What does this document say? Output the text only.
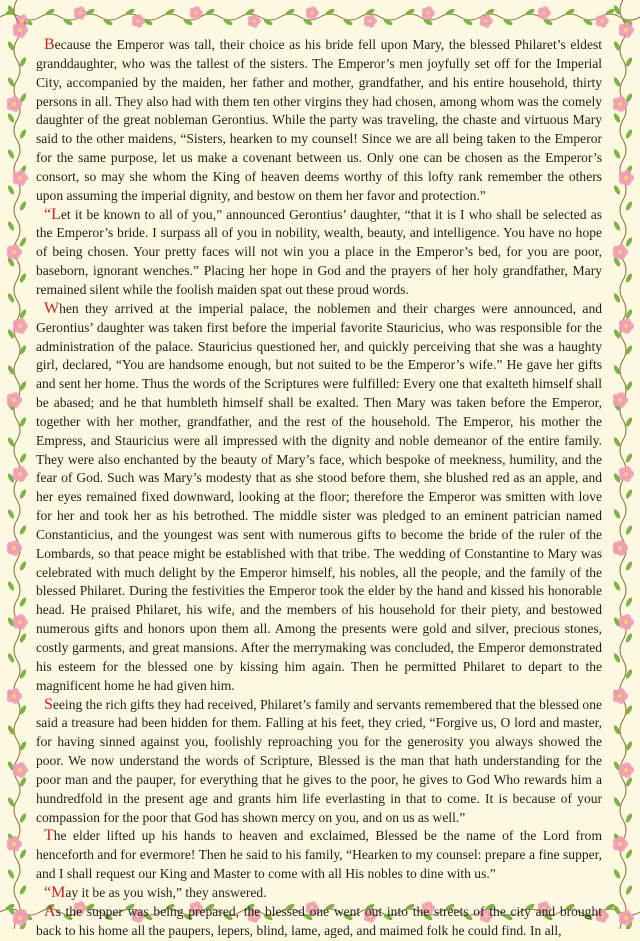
Because the Emperor was tall, their choice as his bride fell upon Mary, the blessed Philaret’s eldest granddaughter, who was the tallest of the sisters. The Emperor’s men joyfully set off for the Imperial City, accompanied by the maiden, her father and mother, grandfather, and his entire household, thirty persons in all. They also had with them ten other virgins they had chosen, among whom was the comely daughter of the great nobleman Gerontius. While the party was traveling, the chaste and virtuous Mary said to the other maidens, “Sisters, hearken to my counsel! Since we are all being taken to the Emperor for the same purpose, let us make a covenant between us. Only one can be chosen as the Emperor’s consort, so may she whom the King of heaven deems worthy of this lofty rank remember the others upon assuming the imperial dignity, and bestow on them her favor and protection.”

“Let it be known to all of you,” announced Gerontius’ daughter, “that it is I who shall be selected as the Emperor’s bride. I surpass all of you in nobility, wealth, beauty, and intelligence. You have no hope of being chosen. Your pretty faces will not win you a place in the Emperor’s bed, for you are poor, baseborn, ignorant wenches.” Placing her hope in God and the prayers of her holy grandfather, Mary remained silent while the foolish maiden spat out these proud words.

When they arrived at the imperial palace, the noblemen and their charges were announced, and Gerontius’ daughter was taken first before the imperial favorite Stauricius, who was responsible for the administration of the palace. Stauricius questioned her, and quickly perceiving that she was a haughty girl, declared, “You are handsome enough, but not suited to be the Emperor’s wife.” He gave her gifts and sent her home. Thus the words of the Scriptures were fulfilled: Every one that exalteth himself shall be abased; and he that humbleth himself shall be exalted. Then Mary was taken before the Emperor, together with her mother, grandfather, and the rest of the household. The Emperor, his mother the Empress, and Stauricius were all impressed with the dignity and noble demeanor of the entire family. They were also enchanted by the beauty of Mary’s face, which bespoke of meekness, humility, and the fear of God. Such was Mary’s modesty that as she stood before them, she blushed red as an apple, and her eyes remained fixed downward, looking at the floor; therefore the Emperor was smitten with love for her and took her as his betrothed. The middle sister was pledged to an eminent patrician named Constanticius, and the youngest was sent with numerous gifts to become the bride of the ruler of the Lombards, so that peace might be established with that tribe. The wedding of Constantine to Mary was celebrated with much delight by the Emperor himself, his nobles, all the people, and the family of the blessed Philaret. During the festivities the Emperor took the elder by the hand and kissed his honorable head. He praised Philaret, his wife, and the members of his household for their piety, and bestowed numerous gifts and honors upon them all. Among the presents were gold and silver, precious stones, costly garments, and great mansions. After the merrymaking was concluded, the Emperor demonstrated his esteem for the blessed one by kissing him again. Then he permitted Philaret to depart to the magnificent home he had given him.

Seeing the rich gifts they had received, Philaret’s family and servants remembered that the blessed one said a treasure had been hidden for them. Falling at his feet, they cried, “Forgive us, O lord and master, for having sinned against you, foolishly reproaching you for the generosity you always showed the poor. We now understand the words of Scripture, Blessed is the man that hath understanding for the poor man and the pauper, for everything that he gives to the poor, he gives to God Who rewards him a hundredfold in the present age and grants him life everlasting in that to come. It is because of your compassion for the poor that God has shown mercy on you, and on us as well.”

The elder lifted up his hands to heaven and exclaimed, Blessed be the name of the Lord from henceforth and for evermore! Then he said to his family, “Hearken to my counsel: prepare a fine supper, and I shall request our King and Master to come with all His nobles to dine with us.”

“May it be as you wish,” they answered.

As the supper was being prepared, the blessed one went out into the streets of the city and brought back to his home all the paupers, lepers, blind, lame, aged, and maimed folk he could find. In all,
